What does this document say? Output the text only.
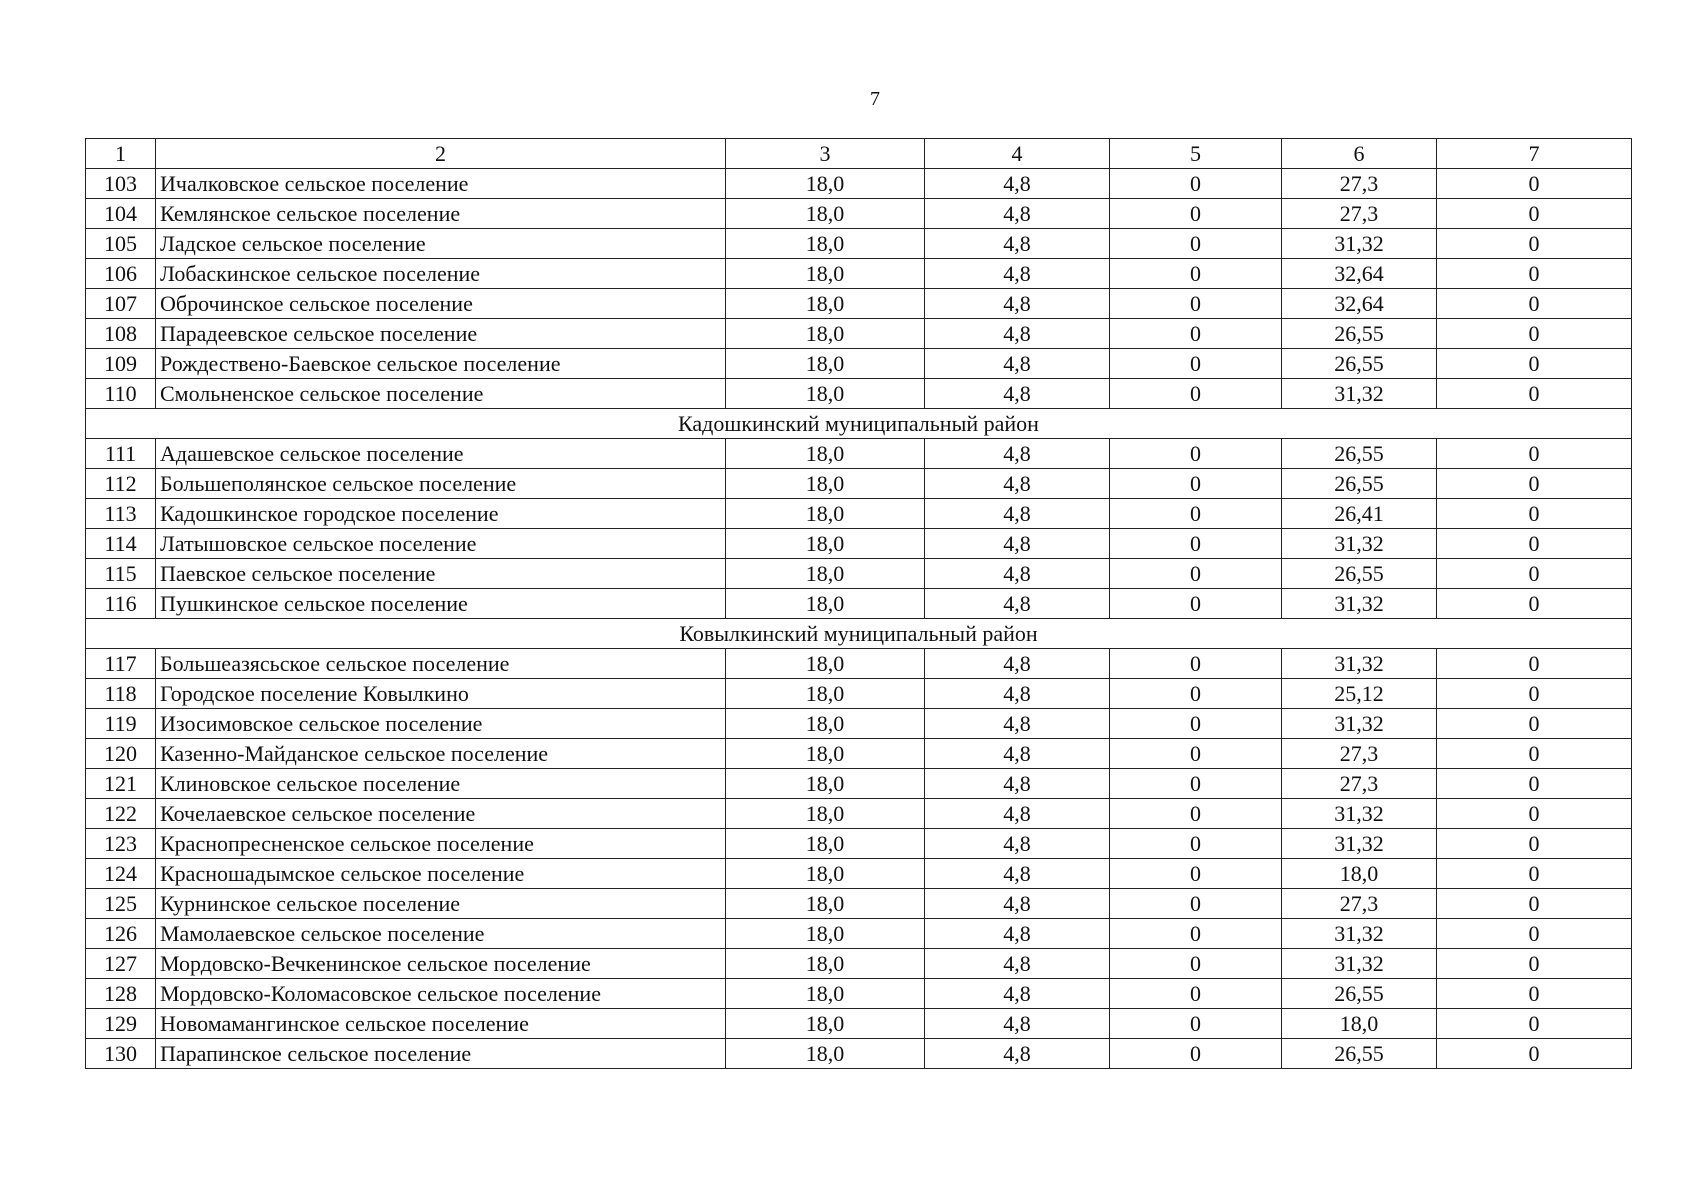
7
1	2	3	4	5	6	7
103	Ичалковское сельское поселение	18,0	4,8	0	27,3	0
104	Кемлянское сельское поселение	18,0	4,8	0	27,3	0
105	Ладское сельское поселение	18,0	4,8	0	31,32	0
106	Лобаскинское сельское поселение	18,0	4,8	0	32,64	0
107	Оброчинское сельское поселение	18,0	4,8	0	32,64	0
108	Парадеевское сельское поселение	18,0	4,8	0	26,55	0
109	Рождествено-Баевское сельское поселение	18,0	4,8	0	26,55	0
110	Смольненское сельское поселение	18,0	4,8	0	31,32	0
Кадошкинский муниципальный район						
111	Адашевское сельское поселение	18,0	4,8	0	26,55	0
112	Большеполянское сельское поселение	18,0	4,8	0	26,55	0
113	Кадошкинское городское поселение	18,0	4,8	0	26,41	0
114	Латышовское сельское поселение	18,0	4,8	0	31,32	0
115	Паевское сельское поселение	18,0	4,8	0	26,55	0
116	Пушкинское сельское поселение	18,0	4,8	0	31,32	0
Ковылкинский муниципальный район						
117	Большеазясьское сельское поселение	18,0	4,8	0	31,32	0
118	Городское поселение Ковылкино	18,0	4,8	0	25,12	0
119	Изосимовское сельское поселение	18,0	4,8	0	31,32	0
120	Казенно-Майданское сельское поселение	18,0	4,8	0	27,3	0
121	Клиновское сельское поселение	18,0	4,8	0	27,3	0
122	Кочелаевское сельское поселение	18,0	4,8	0	31,32	0
123	Краснопресненское сельское поселение	18,0	4,8	0	31,32	0
124	Красношадымское сельское поселение	18,0	4,8	0	18,0	0
125	Курнинское сельское поселение	18,0	4,8	0	27,3	0
126	Мамолаевское сельское поселение	18,0	4,8	0	31,32	0
127	Мордовско-Вечкенинское сельское поселение	18,0	4,8	0	31,32	0
128	Мордовско-Коломасовское сельское поселение	18,0	4,8	0	26,55	0
129	Новомамангинское сельское поселение	18,0	4,8	0	18,0	0
130	Парапинское сельское поселение	18,0	4,8	0	26,55	0
